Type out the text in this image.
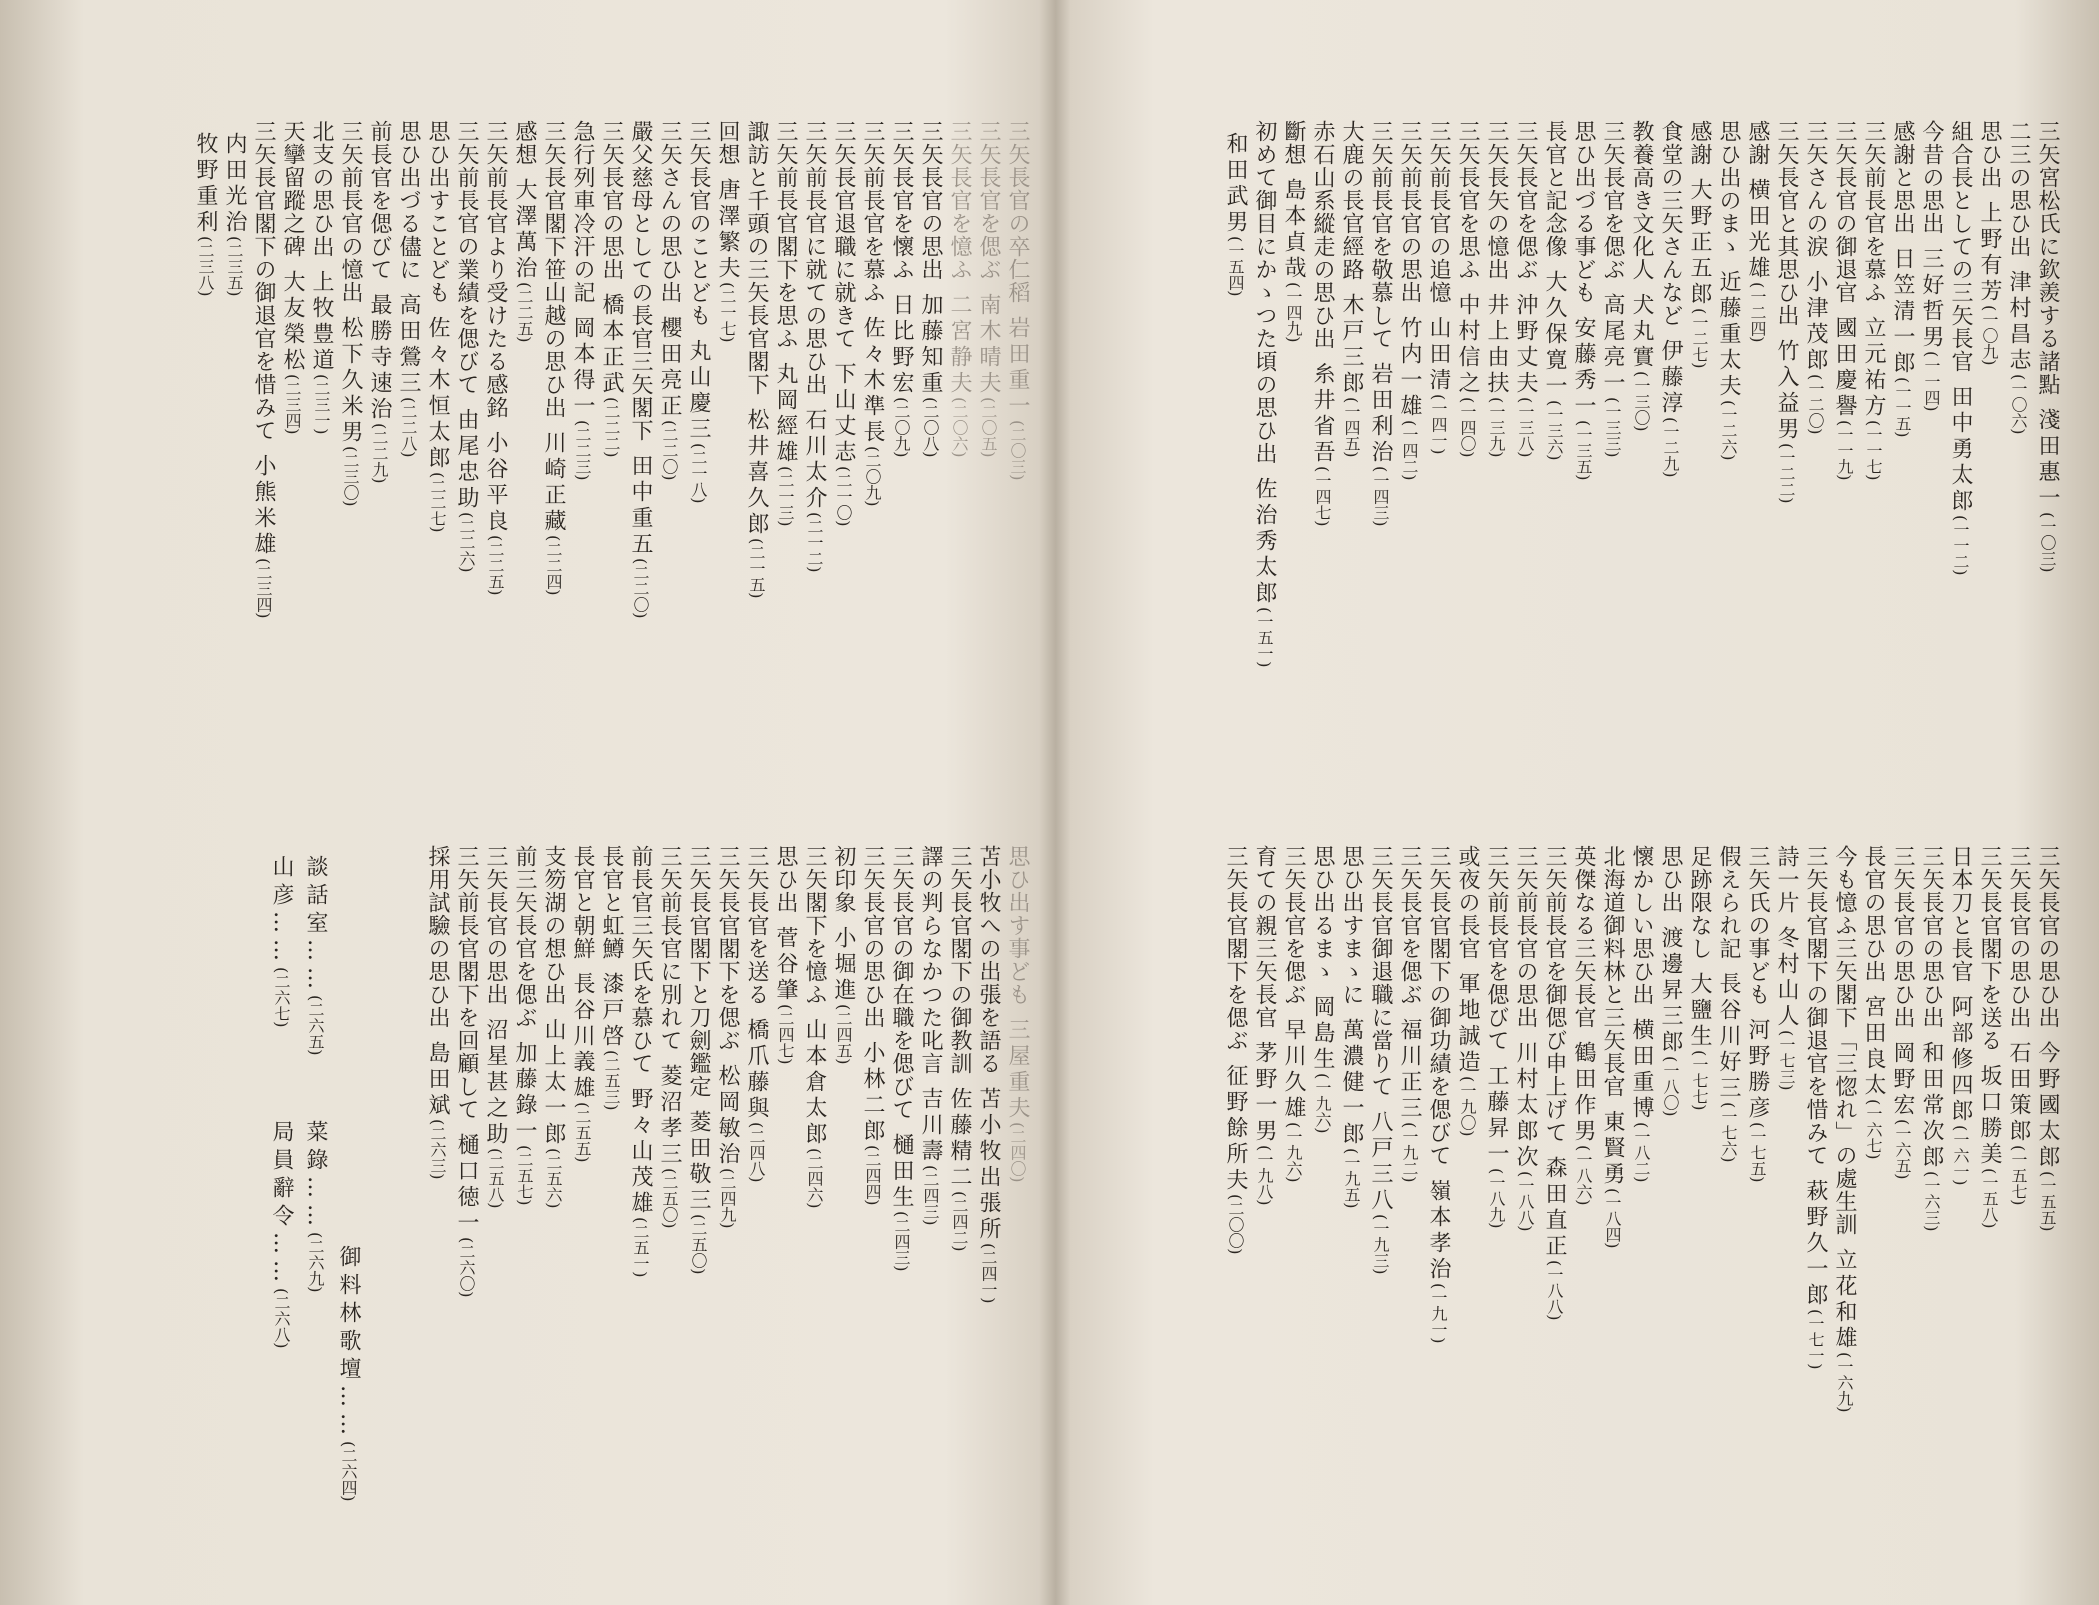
三矢宮松氏に欽羨する諸點
淺田惠一
(一〇三)
二三の思ひ出
津村昌志
(一〇六)
思ひ出
上野有芳
(一〇九)
組合長としての三矢長官
田中勇太郎
(一一二)
今昔の思出
三好哲男
(一一四)
感謝と思出
日笠清一郎
(一一五)
三矢前長官を慕ふ
立元祐方
(一一七)
三矢長官の御退官
國田慶譽
(一一九)
三矢さんの涙
小津茂郎
(一二〇)
三矢長官と其思ひ出
竹入益男
(一二二)
感謝
横田光雄
(一二四)
思ひ出のまゝ
近藤重太夫
(一二六)
感謝
大野正五郎
(一二七)
食堂の三矢さんなど
伊藤淳
(一二九)
教養高き文化人
犬丸實
(一三〇)
三矢長官を偲ぶ
高尾亮一
(一三三)
思ひ出づる事ども
安藤秀一
(一三五)
長官と記念像
大久保寛一
(一三六)
三矢長官を偲ぶ
沖野丈夫
(一三八)
三矢長矢の憶出
井上由扶
(一三九)
三矢長官を思ふ
中村信之
(一四〇)
三矢前長官の追憶
山田清
(一四一)
三矢前長官の思出
竹内一雄
(一四二)
三矢前長官を敬慕して
岩田利治
(一四三)
大鹿の長官經路
木戸三郎
(一四五)
赤石山系縱走の思ひ出
糸井省吾
(一四七)
斷想
島本貞哉
(一四九)
初めて御目にかゝつた頃の思ひ出
佐治秀太郎
(一五一)
和田武男
(一五四)
三矢長官の思ひ出
今野國太郎
(一五五)
三矢長官の思ひ出
石田策郎
(一五七)
三矢長官閣下を送る
坂口勝美
(一五八)
日本刀と長官
阿部修四郎
(一六一)
三矢長官の思ひ出
和田常次郎
(一六三)
三矢長官の思ひ出
岡野宏
(一六五)
長官の思ひ出
宮田良太
(一六七)
今も憶ふ三矢閣下「三惚れ」の處生訓
立花和雄
(一六九)
三矢長官閣下の御退官を惜みて
萩野久一郎
(一七一)
詩一片
冬村山人
(一七三)
三矢氏の事ども
河野勝彦
(一七五)
假えられ記
長谷川好三
(一七六)
足跡限なし
大鹽生
(一七七)
思ひ出
渡邊昇三郎
(一八〇)
懷かしい思ひ出
横田重博
(一八二)
北海道御料林と三矢長官
東賢勇
(一八四)
英傑なる三矢長官
鶴田作男
(一八六)
三矢前長官を御偲び申上げて
森田直正
(一八八)
三矢前長官の思出
川村太郎次
(一八八)
三矢前長官を偲びて
工藤昇一
(一八九)
或夜の長官
軍地誠造
(一九〇)
三矢長官閣下の御功績を偲びて
嶺本孝治
(一九一)
三矢長官を偲ぶ
福川正三
(一九二)
三矢長官御退職に當りて
八戸三八
(一九三)
思ひ出すまゝに
萬濃健一郎
(一九五)
思ひ出るまゝ
岡島生
(一九六)
三矢長官を偲ぶ
早川久雄
(一九六)
育ての親三矢長官
茅野一男
(一九八)
三矢長官閣下を偲ぶ
征野餘所夫
(二〇〇)
三矢長官の卒仁稻
岩田重一
(二〇三)
三矢長官を偲ぶ
南木晴夫
(二〇五)
三矢長官を憶ふ
二宮静夫
(二〇六)
三矢長官の思出
加藤知重
(二〇八)
三矢長官を懷ふ
日比野宏
(二〇九)
三矢前長官を慕ふ
佐々木準長
(二〇九)
三矢長官退職に就きて
下山丈志
(二一〇)
三矢前長官に就ての思ひ出
石川太介
(二一二)
三矢前長官閣下を思ふ
丸岡經雄
(二一三)
諏訪と千頭の三矢長官閣下
松井喜久郎
(二一五)
回想
唐澤繁夫
(二一七)
三矢長官のことども
丸山慶三
(二一八)
三矢さんの思ひ出
櫻田亮正
(二二〇)
嚴父慈母としての長官三矢閣下
田中重五
(二二〇)
三矢長官の思出
橋本正武
(二二二)
急行列車冷汗の記
岡本得一
(二二三)
三矢長官閣下笹山越の思ひ出
川崎正藏
(二二四)
感想
大澤萬治
(二二五)
三矢前長官より受けたる感銘
小谷平良
(二二五)
三矢前長官の業績を偲びて
由尾忠助
(二二六)
思ひ出すことども
佐々木恒太郎
(二二七)
思ひ出づる儘に
高田鶯三
(二二八)
前長官を偲びて
最勝寺速治
(二二九)
三矢前長官の憶出
松下久米男
(二三〇)
北支の思ひ出
上牧豊道
(二三一)
天攣留蹤之碑
大友榮松
(二三四)
三矢長官閣下の御退官を惜みて
小熊米雄
(二三四)
内田光治
(二三五)
牧野重利
(二三八)
思ひ出す事ども
三屋重夫
(二四〇)
苫小牧への出張を語る
苫小牧出張所
(二四一)
三矢長官閣下の御教訓
佐藤精二
(二四二)
譯の判らなかつた叱言
吉川壽
(二四三)
三矢長官の御在職を偲びて
樋田生
(二四三)
三矢長官の思ひ出
小林二郎
(二四四)
初印象
小堀進
(二四五)
三矢閣下を憶ふ
山本倉太郎
(二四六)
思ひ出
菅谷肇
(二四七)
三矢長官を送る
橋爪藤與
(二四八)
三矢長官閣下を偲ぶ
松岡敏治
(二四九)
三矢長官閣下と刀劍鑑定
菱田敬三
(二五〇)
三矢前長官に別れて
菱沼孝三
(二五〇)
前長官三矢氏を慕ひて
野々山茂雄
(二五一)
長官と虹鱒
漆戸啓
(二五三)
長官と朝鮮
長谷川義雄
(二五五)
支笏湖の想ひ出
山上太一郎
(二五六)
前三矢長官を偲ぶ
加藤錄一
(二五七)
三矢長官の思出
沼星甚之助
(二五八)
三矢前長官閣下を回顧して
樋口徳一
(二六〇)
採用試驗の思ひ出
島田斌
(二六三)
御料林歌壇……(二六四)
談話室……(二六五)
菜錄……(二六九)
山彦……(二六七)
局員辭令……(二六八)
